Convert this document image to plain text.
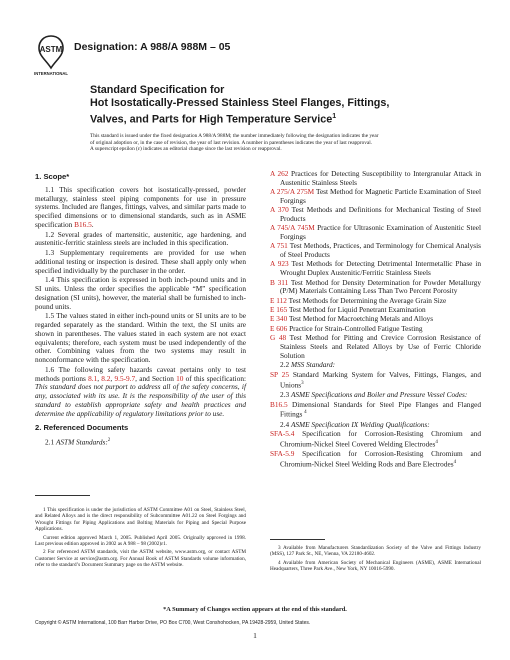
ASTM
INTERNATIONAL
Designation: A 988/A 988M – 05
Standard Specification for
Hot Isostatically-Pressed Stainless Steel Flanges, Fittings,
Valves, and Parts for High Temperature Service$^1$
This standard is issued under the fixed designation A 988/A 988M; the number immediately following the designation indicates the year
of original adoption or, in the case of revision, the year of last revision. A number in parentheses indicates the year of last reapproval.
A superscript epsilon (ε) indicates an editorial change since the last revision or reapproval.
1. Scope*

1.1 This specification covers hot isostatically-pressed, powder metallurgy, stainless steel piping components for use in pressure systems. Included are flanges, fittings, valves, and similar parts made to specified dimensions or to dimensional standards, such as in ASME specification B16.5.

1.2 Several grades of martensitic, austenitic, age hardening, and austenitic-ferritic stainless steels are included in this specification.

1.3 Supplementary requirements are provided for use when additional testing or inspection is desired. These shall apply only when specified individually by the purchaser in the order.

1.4 This specification is expressed in both inch-pound units and in SI units. Unless the order specifies the applicable “M” specification designation (SI units), however, the material shall be furnished to inch-pound units.

1.5 The values stated in either inch-pound units or SI units are to be regarded separately as the standard. Within the text, the SI units are shown in parentheses. The values stated in each system are not exact equivalents; therefore, each system must be used independently of the other. Combining values from the two systems may result in nonconformance with the specification.

1.6 The following safety hazards caveat pertains only to test methods portions 8.1, 8.2, 9.5-9.7, and Section 10 of this specification: This standard does not purport to address all of the safety concerns, if any, associated with its use. It is the responsibility of the user of this standard to establish appropriate safety and health practices and determine the applicability of regulatory limitations prior to use.

2. Referenced Documents

2.1 ASTM Standards:$^2$

A 262 Practices for Detecting Susceptibility to Intergranular Attack in Austenitic Stainless Steels
A 275/A 275M Test Method for Magnetic Particle Examination of Steel Forgings
A 370 Test Methods and Definitions for Mechanical Testing of Steel Products
A 745/A 745M Practice for Ultrasonic Examination of Austenitic Steel Forgings
A 751 Test Methods, Practices, and Terminology for Chemical Analysis of Steel Products
A 923 Test Methods for Detecting Detrimental Intermetallic Phase in Wrought Duplex Austenitic/Ferritic Stainless Steels
B 311 Test Method for Density Determination for Powder Metallurgy (P/M) Materials Containing Less Than Two Percent Porosity
E 112 Test Methods for Determining the Average Grain Size
E 165 Test Method for Liquid Penetrant Examination
E 340 Test Method for Macroetching Metals and Alloys
E 606 Practice for Strain-Controlled Fatigue Testing
G 48 Test Method for Pitting and Crevice Corrosion Resistance of Stainless Steels and Related Alloys by Use of Ferric Chloride Solution
2.2 MSS Standard:
SP 25 Standard Marking System for Valves, Fittings, Flanges, and Unions$^3$
2.3 ASME Specifications and Boiler and Pressure Vessel Codes:
B16.5 Dimensional Standards for Steel Pipe Flanges and Flanged Fittings $^4$
2.4 ASME Specification IX Welding Qualifications:
SFA-5.4 Specification for Corrosion-Resisting Chromium and Chromium-Nickel Steel Covered Welding Electrodes$^4$
SFA-5.9 Specification for Corrosion-Resisting Chromium and Chromium-Nickel Steel Welding Rods and Bare Electrodes$^4$

1 This specification is under the jurisdiction of ASTM Committee A01 on Steel, Stainless Steel, and Related Alloys and is the direct responsibility of Subcommittee A01.22 on Steel Forgings and Wrought Fittings for Piping Applications and Bolting Materials for Piping and Special Purpose Applications.

Current edition approved March 1, 2005. Published April 2005. Originally approved in 1998. Last previous edition approved in 2002 as A 988 – 98 (2002)ε1.

2 For referenced ASTM standards, visit the ASTM website, www.astm.org, or contact ASTM Customer Service at service@astm.org. For Annual Book of ASTM Standards volume information, refer to the standard’s Document Summary page on the ASTM website.

3 Available from Manufacturers Standardization Society of the Valve and Fittings Industry (MSS), 127 Park St., NE, Vienna, VA 22180-4602.

4 Available from American Society of Mechanical Engineers (ASME), ASME International Headquarters, Three Park Ave., New York, NY 10016-5990.

*A Summary of Changes section appears at the end of this standard.
Copyright © ASTM International, 100 Barr Harbor Drive, PO Box C700, West Conshohocken, PA 19428-2959, United States.
1
